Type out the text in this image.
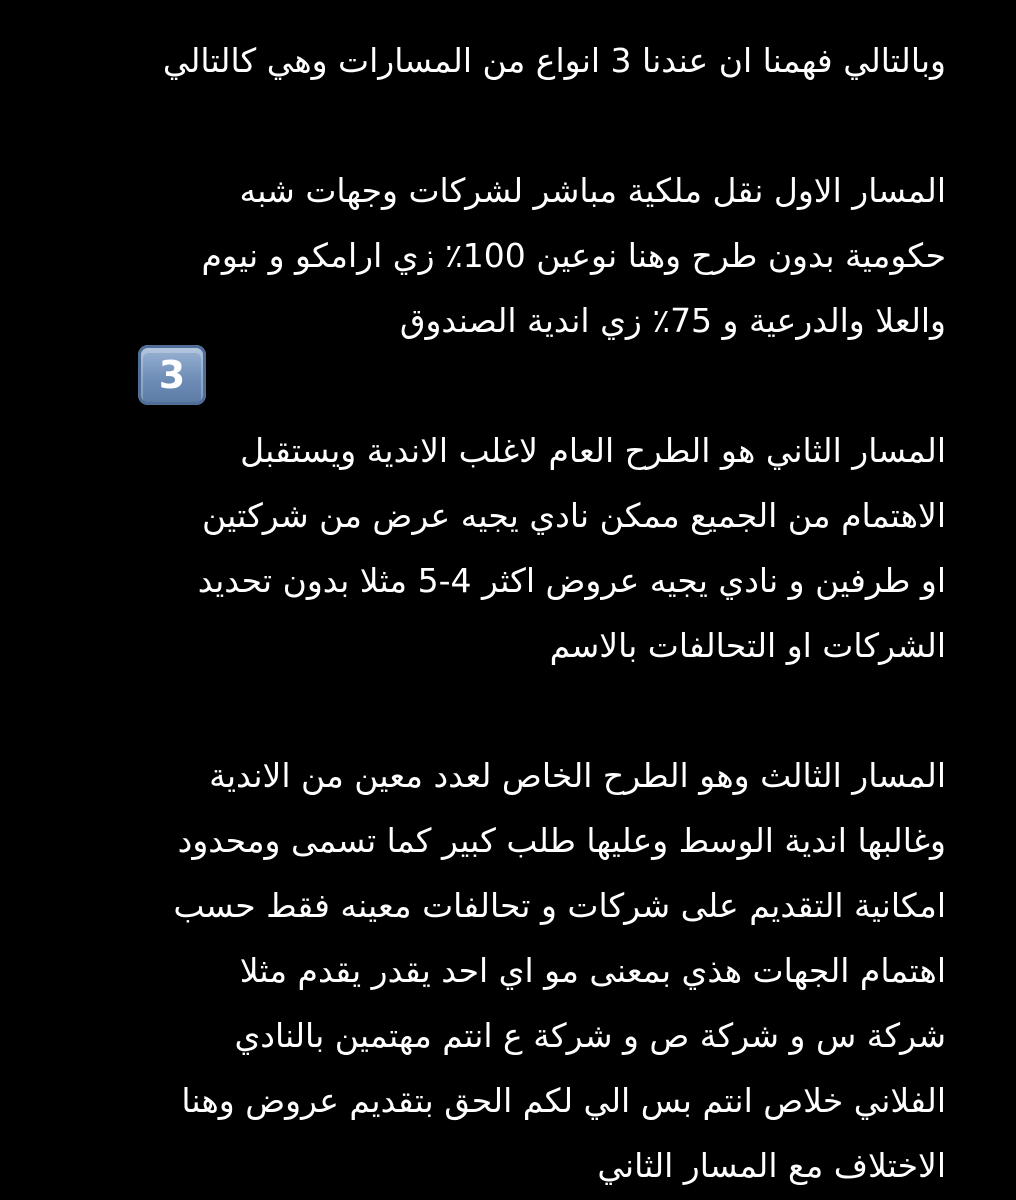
وبالتالي فهمنا ان عندنا 3 انواع من المسارات وهي كالتالي
المسار الاول نقل ملكية مباشر لشركات وجهات شبه
حكومية بدون طرح وهنا نوعين 100٪ زي ارامكو و نيوم
والعلا والدرعية و 75٪ زي اندية الصندوق
3
المسار الثاني هو الطرح العام لاغلب الاندية ويستقبل
الاهتمام من الجميع ممكن نادي يجيه عرض من شركتين
او طرفين و نادي يجيه عروض اكثر 4-5 مثلا بدون تحديد
الشركات او التحالفات بالاسم
المسار الثالث وهو الطرح الخاص لعدد معين من الاندية
وغالبها اندية الوسط وعليها طلب كبير كما تسمى ومحدود
امكانية التقديم على شركات و تحالفات معينه فقط حسب
اهتمام الجهات هذي بمعنى مو اي احد يقدر يقدم مثلا
شركة س و شركة ص و شركة ع انتم مهتمين بالنادي
الفلاني خلاص انتم بس الي لكم الحق بتقديم عروض وهنا
الاختلاف مع المسار الثاني
